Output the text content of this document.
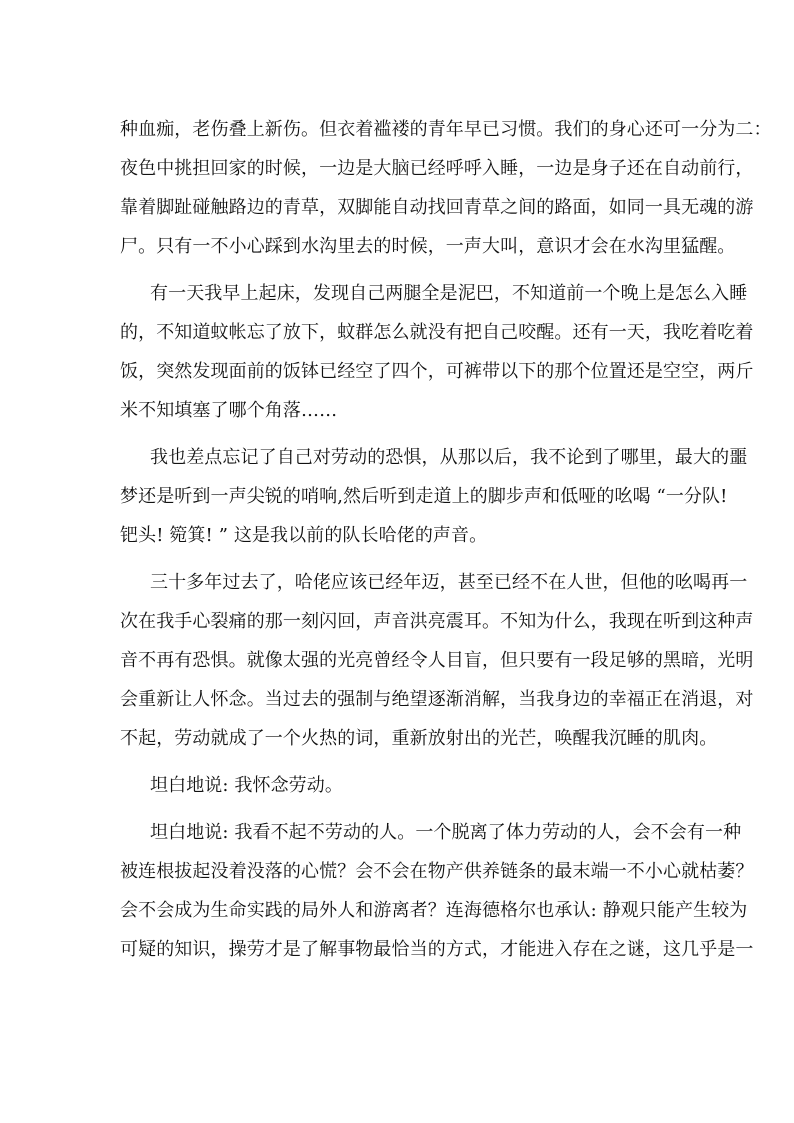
种血痂，老伤叠上新伤。但衣着褴褛的青年早已习惯。我们的身心还可一分为二：
夜色中挑担回家的时候，一边是大脑已经呼呼入睡，一边是身子还在自动前行，
靠着脚趾碰触路边的青草，双脚能自动找回青草之间的路面，如同一具无魂的游
尸。只有一不小心踩到水沟里去的时候，一声大叫，意识才会在水沟里猛醒。
有一天我早上起床，发现自己两腿全是泥巴，不知道前一个晚上是怎么入睡
的，不知道蚊帐忘了放下，蚊群怎么就没有把自己咬醒。还有一天，我吃着吃着
饭，突然发现面前的饭钵已经空了四个，可裤带以下的那个位置还是空空，两斤
米不知填塞了哪个角落……
我也差点忘记了自己对劳动的恐惧，从那以后，我不论到了哪里，最大的噩
梦还是听到一声尖锐的哨响,然后听到走道上的脚步声和低哑的吆喝 “一分队!
钯头! 箢箕! ” 这是我以前的队长哈佬的声音。
三十多年过去了，哈佬应该已经年迈，甚至已经不在人世，但他的吆喝再一
次在我手心裂痛的那一刻闪回，声音洪亮震耳。不知为什么，我现在听到这种声
音不再有恐惧。就像太强的光亮曾经令人目盲，但只要有一段足够的黑暗，光明
会重新让人怀念。当过去的强制与绝望逐渐消解，当我身边的幸福正在消退，对
不起，劳动就成了一个火热的词，重新放射出的光芒，唤醒我沉睡的肌肉。
坦白地说: 我怀念劳动。
坦白地说: 我看不起不劳动的人。一个脱离了体力劳动的人，会不会有一种
被连根拔起没着没落的心慌？会不会在物产供养链条的最末端一不小心就枯萎？
会不会成为生命实践的局外人和游离者？连海德格尔也承认: 静观只能产生较为
可疑的知识，操劳才是了解事物最恰当的方式，才能进入存在之谜，这几乎是一
